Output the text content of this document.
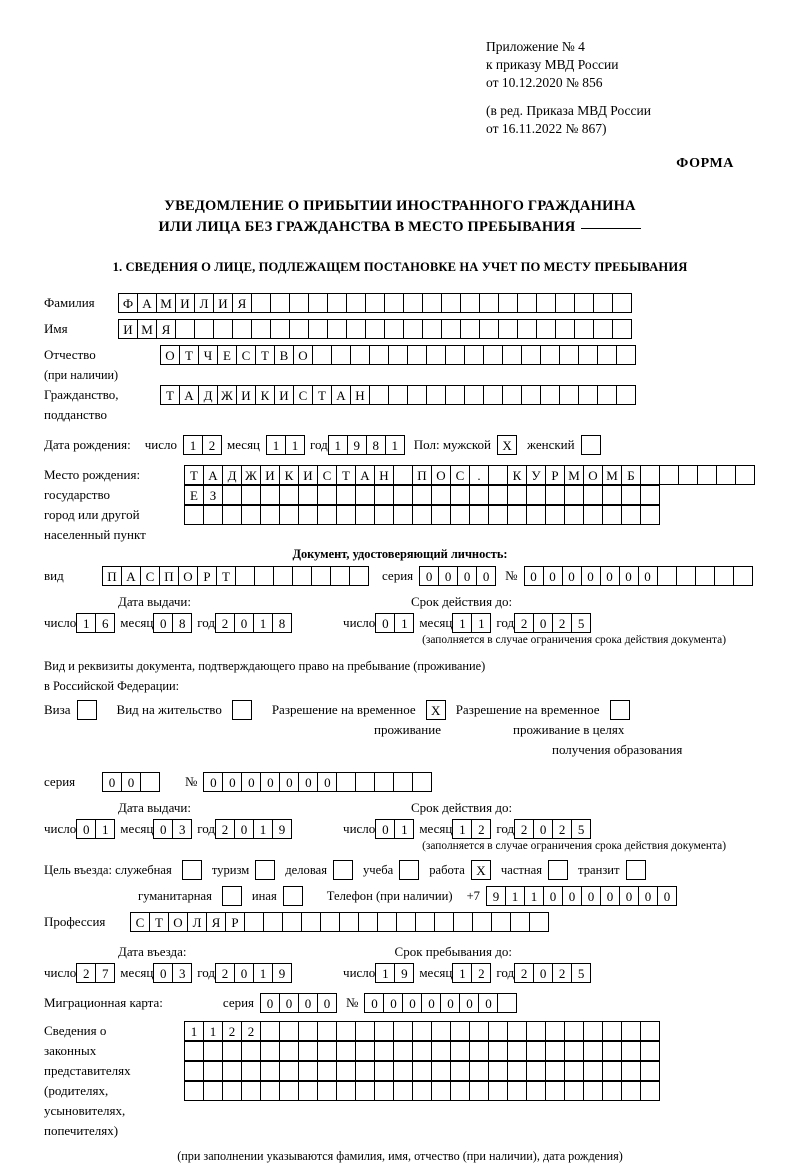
Приложение № 4
к приказу МВД России
от 10.12.2020 № 856
(в ред. Приказа МВД России
от 16.11.2022 № 867)
ФОРМА
УВЕДОМЛЕНИЕ О ПРИБЫТИИ ИНОСТРАННОГО ГРАЖДАНИНА
ИЛИ ЛИЦА БЕЗ ГРАЖДАНСТВА В МЕСТО ПРЕБЫВАНИЯ
1. СВЕДЕНИЯ О ЛИЦЕ, ПОДЛЕЖАЩЕМ ПОСТАНОВКЕ НА УЧЕТ ПО МЕСТУ ПРЕБЫВАНИЯ
Фамилия	Ф А М И Л И Я
Имя	И М Я
Отчество	О Т Ч Е С Т В О
(при наличии)
Гражданство,	Т А Д Ж И К И С Т А Н
подданство
Дата рождения: число 1 2 месяц 1 1 год 1 9 8 1	Пол: мужской X	женский
Место рождения:	Т А Д Ж И К И С Т А Н	П О С	.	К У Р М О М Б
государство	Е З
город или другой
населенный пункт
Документ, удостоверяющий личность:
вид	П А С П О Р Т	серия 0 0 0 0	№ 0 0 0 0 0 0 0
Дата выдачи:	Срок действия до:
число 1 6 месяц 0 8 год 2 0 1 8	число 0 1 месяц 1 1 год 2 0 2 5
(заполняется в случае ограничения срока действия документа)
Вид и реквизиты документа, подтверждающего право на пребывание (проживание)
в Российской Федерации:
Виза	Вид на жительство	Разрешение на временное	X	Разрешение на временное
проживание	проживание в целях
получения образования
серия	0 0	№ 0 0 0 0 0 0 0
Дата выдачи:	Срок действия до:
число 0 1 месяц 0 3 год 2 0 1 9	число 0 1 месяц 1 2 год 2 0 2 5
(заполняется в случае ограничения срока действия документа)
Цель въезда: служебная	туризм	деловая	учеба	работа X	частная	транзит
гуманитарная	иная	Телефон (при наличии) +7 9 1 1 0 0 0 0 0 0 0
Профессия	С Т О Л Я Р
Дата въезда:	Срок пребывания до:
число 2 7 месяц 0 3 год 2 0 1 9	число 1 9 месяц 1 2 год 2 0 2 5
Миграционная карта:	серия 0 0 0 0	№ 0 0 0 0 0 0 0
Сведения о	1 1 2 2
законных
представителях
(родителях,
усыновителях,
попечителях)
(при заполнении указываются фамилия, имя, отчество (при наличии), дата рождения)
